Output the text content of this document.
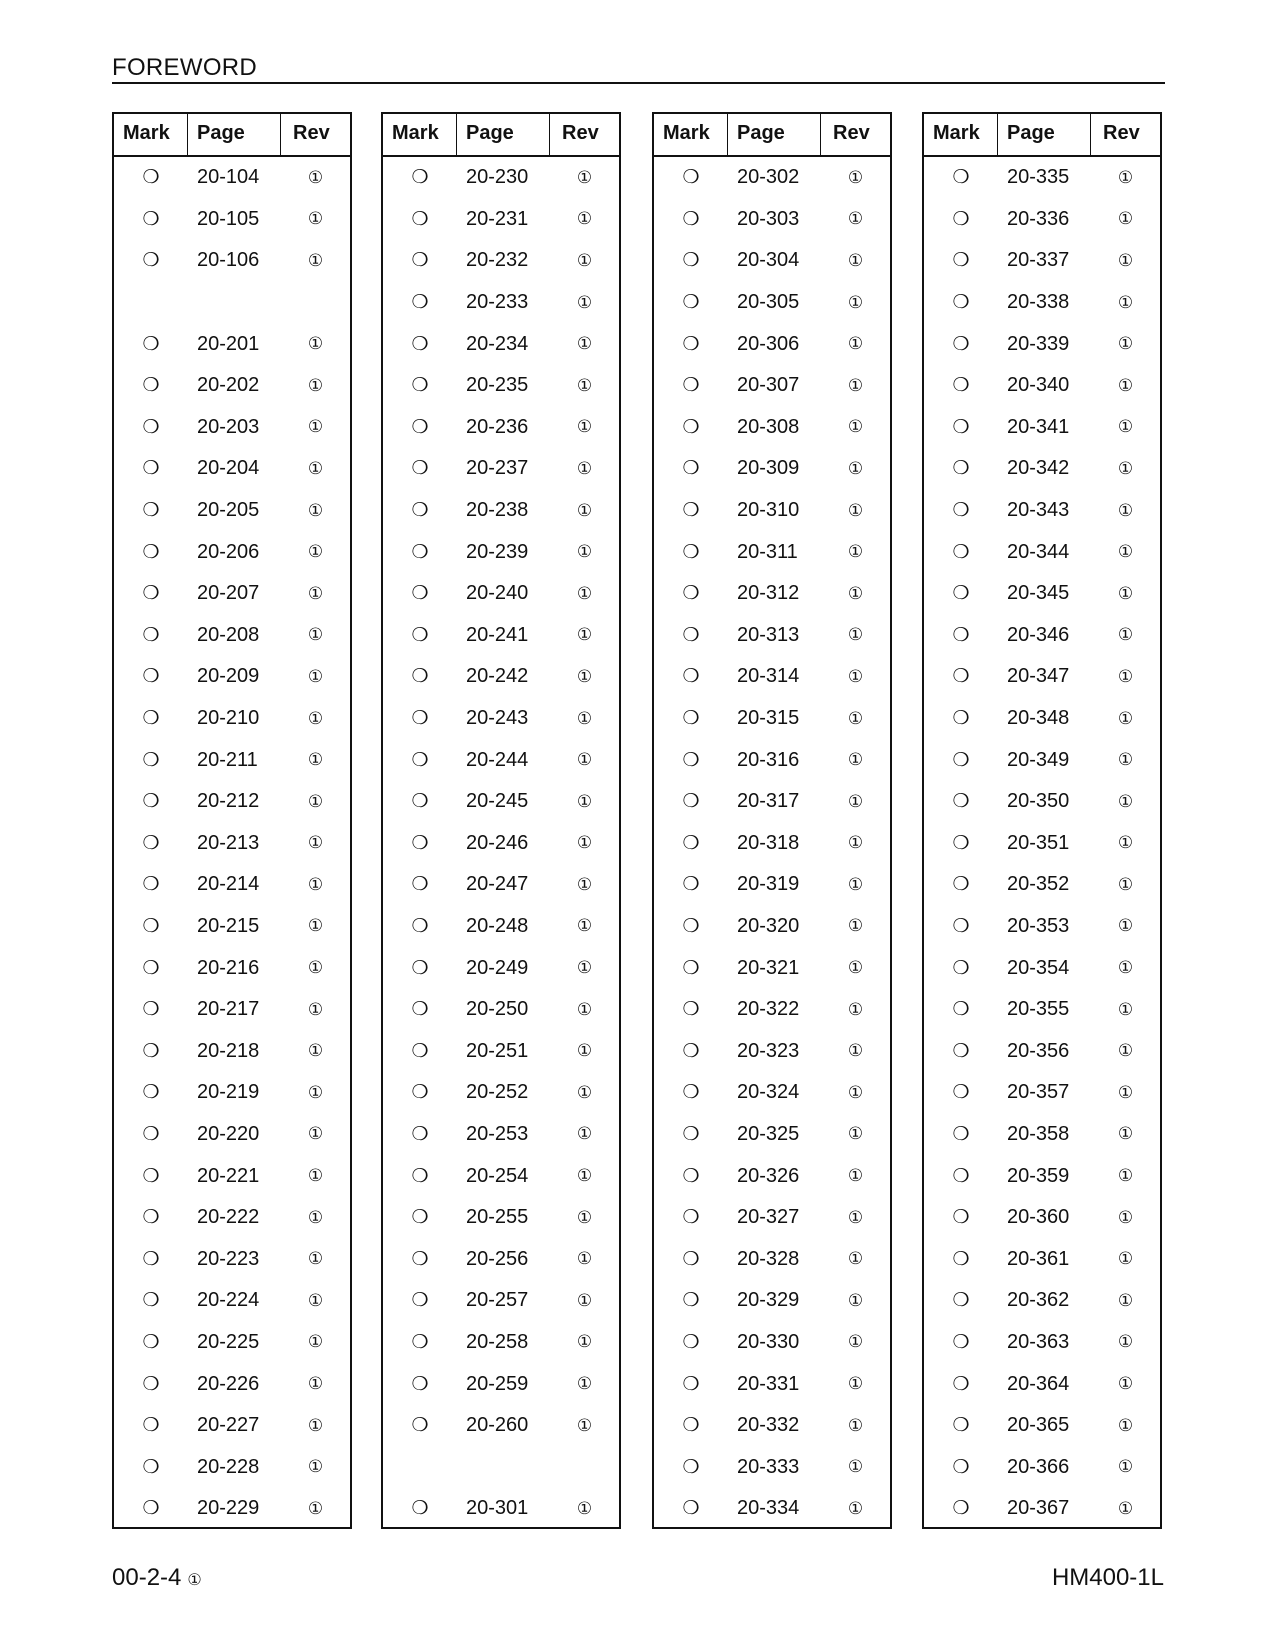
FOREWORD
Mark	Page	Rev
❍	20-104	①
❍	20-105	①
❍	20-106	①
❍	20-201	①
❍	20-202	①
❍	20-203	①
❍	20-204	①
❍	20-205	①
❍	20-206	①
❍	20-207	①
❍	20-208	①
❍	20-209	①
❍	20-210	①
❍	20-211	①
❍	20-212	①
❍	20-213	①
❍	20-214	①
❍	20-215	①
❍	20-216	①
❍	20-217	①
❍	20-218	①
❍	20-219	①
❍	20-220	①
❍	20-221	①
❍	20-222	①
❍	20-223	①
❍	20-224	①
❍	20-225	①
❍	20-226	①
❍	20-227	①
❍	20-228	①
❍	20-229	①
Mark	Page	Rev
❍	20-230	①
❍	20-231	①
❍	20-232	①
❍	20-233	①
❍	20-234	①
❍	20-235	①
❍	20-236	①
❍	20-237	①
❍	20-238	①
❍	20-239	①
❍	20-240	①
❍	20-241	①
❍	20-242	①
❍	20-243	①
❍	20-244	①
❍	20-245	①
❍	20-246	①
❍	20-247	①
❍	20-248	①
❍	20-249	①
❍	20-250	①
❍	20-251	①
❍	20-252	①
❍	20-253	①
❍	20-254	①
❍	20-255	①
❍	20-256	①
❍	20-257	①
❍	20-258	①
❍	20-259	①
❍	20-260	①
❍	20-301	①
Mark	Page	Rev
❍	20-302	①
❍	20-303	①
❍	20-304	①
❍	20-305	①
❍	20-306	①
❍	20-307	①
❍	20-308	①
❍	20-309	①
❍	20-310	①
❍	20-311	①
❍	20-312	①
❍	20-313	①
❍	20-314	①
❍	20-315	①
❍	20-316	①
❍	20-317	①
❍	20-318	①
❍	20-319	①
❍	20-320	①
❍	20-321	①
❍	20-322	①
❍	20-323	①
❍	20-324	①
❍	20-325	①
❍	20-326	①
❍	20-327	①
❍	20-328	①
❍	20-329	①
❍	20-330	①
❍	20-331	①
❍	20-332	①
❍	20-333	①
❍	20-334	①
Mark	Page	Rev
❍	20-335	①
❍	20-336	①
❍	20-337	①
❍	20-338	①
❍	20-339	①
❍	20-340	①
❍	20-341	①
❍	20-342	①
❍	20-343	①
❍	20-344	①
❍	20-345	①
❍	20-346	①
❍	20-347	①
❍	20-348	①
❍	20-349	①
❍	20-350	①
❍	20-351	①
❍	20-352	①
❍	20-353	①
❍	20-354	①
❍	20-355	①
❍	20-356	①
❍	20-357	①
❍	20-358	①
❍	20-359	①
❍	20-360	①
❍	20-361	①
❍	20-362	①
❍	20-363	①
❍	20-364	①
❍	20-365	①
❍	20-366	①
❍	20-367	①
00-2-4 ①	HM400-1L
